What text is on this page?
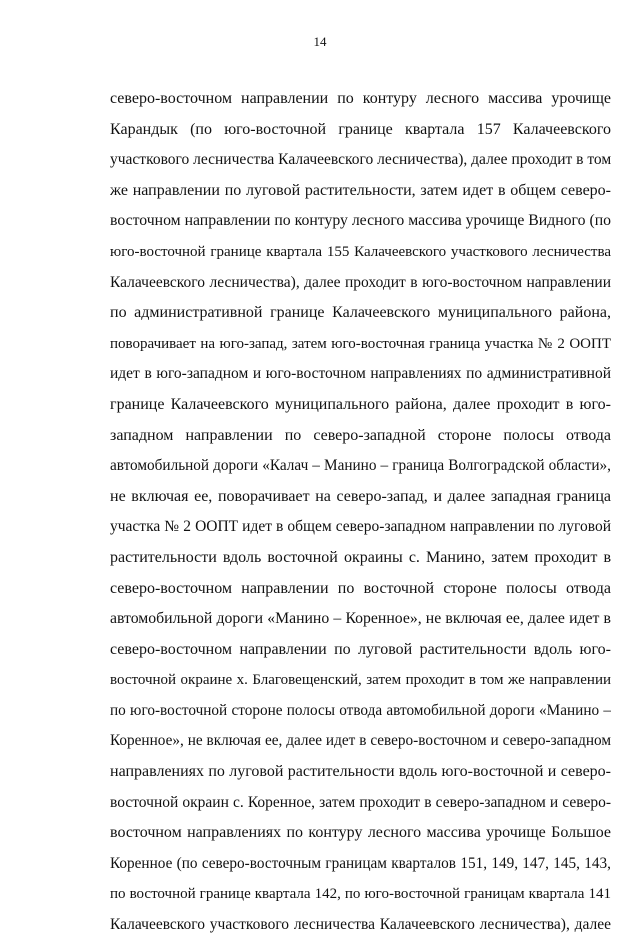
14
северо-восточном направлении по контуру лесного массива урочище
Карандык (по юго-восточной границе квартала 157 Калачеевского
участкового лесничества Калачеевского лесничества), далее проходит в том
же направлении по луговой растительности, затем идет в общем северо-
восточном направлении по контуру лесного массива урочище Видного (по
юго-восточной границе квартала 155 Калачеевского участкового лесничества
Калачеевского лесничества), далее проходит в юго-восточном направлении
по административной границе Калачеевского муниципального района,
поворачивает на юго-запад, затем юго-восточная граница участка № 2 ООПТ
идет в юго-западном и юго-восточном направлениях по административной
границе Калачеевского муниципального района, далее проходит в юго-
западном направлении по северо-западной стороне полосы отвода
автомобильной дороги «Калач – Манино – граница Волгоградской области»,
не включая ее, поворачивает на северо-запад, и далее западная граница
участка № 2 ООПТ идет в общем северо-западном направлении по луговой
растительности вдоль восточной окраины с. Манино, затем проходит в
северо-восточном направлении по восточной стороне полосы отвода
автомобильной дороги «Манино – Коренное», не включая ее, далее идет в
северо-восточном направлении по луговой растительности вдоль юго-
восточной окраине х. Благовещенский, затем проходит в том же направлении
по юго-восточной стороне полосы отвода автомобильной дороги «Манино –
Коренное», не включая ее, далее идет в северо-восточном и северо-западном
направлениях по луговой растительности вдоль юго-восточной и северо-
восточной окраин с. Коренное, затем проходит в северо-западном и северо-
восточном направлениях по контуру лесного массива урочище Большое
Коренное (по северо-восточным границам кварталов 151, 149, 147, 145, 143,
по восточной границе квартала 142, по юго-восточной границам квартала 141
Калачеевского участкового лесничества Калачеевского лесничества), далее
